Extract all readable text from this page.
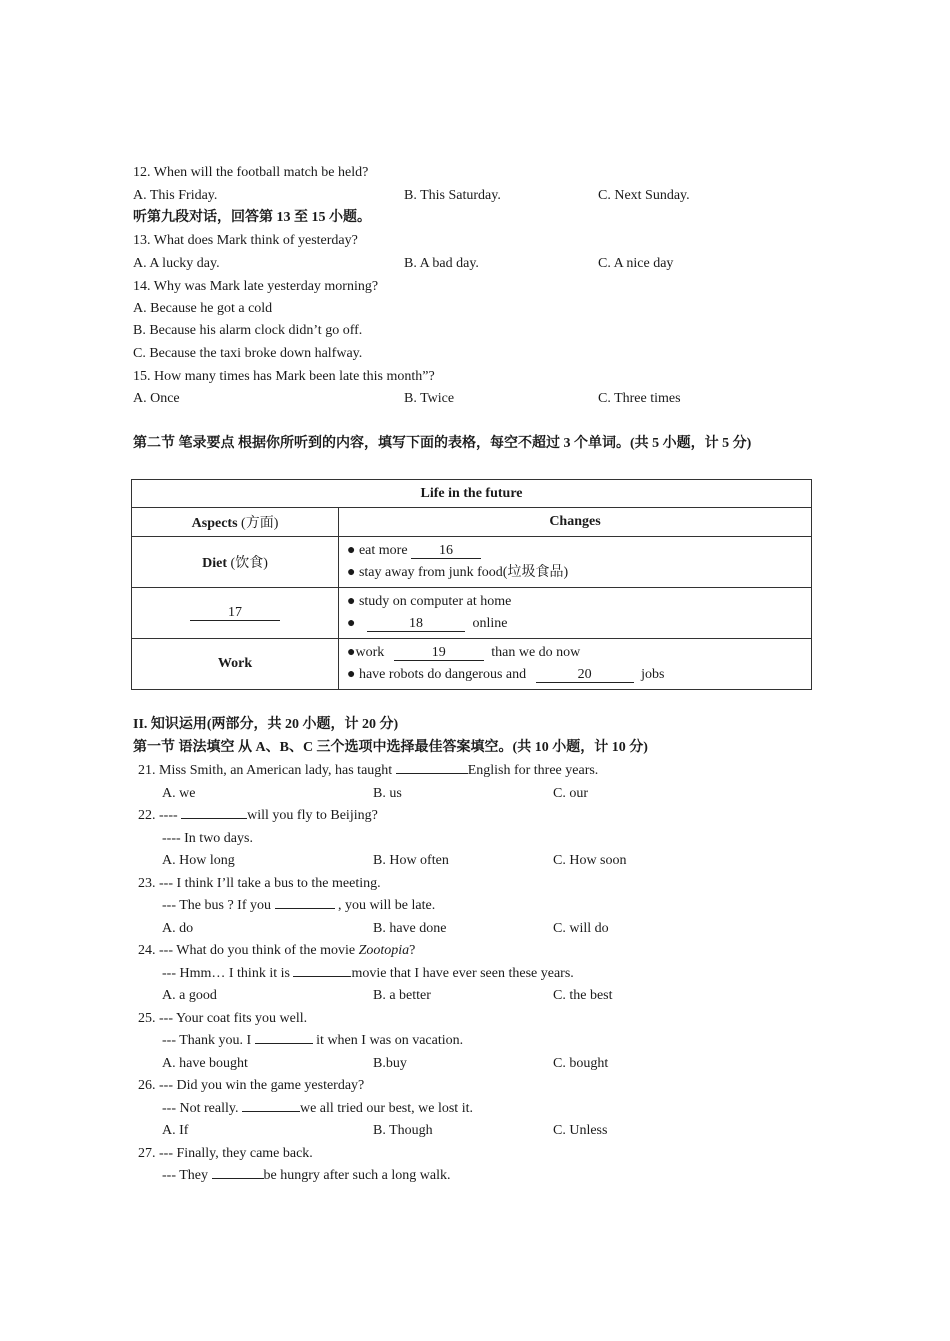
12. When will the football match be held?
A. This Friday.	B. This Saturday.	C. Next Sunday.
听第九段对话，回答第 13 至 15 小题。
13. What does Mark think of yesterday?
A. A lucky day.	B. A bad day.	C. A nice day
14. Why was Mark late yesterday morning?
A. Because he got a cold
B. Because his alarm clock didn’t go off.
C. Because the taxi broke down halfway.
15. How many times has Mark been late this month”?
A. Once	B. Twice	C. Three times
第二节 笔录要点 根据你所听到的内容，填写下面的表格，每空不超过 3 个单词。(共 5 小题，计 5 分)
Life in the future	
Aspects (方面)	Changes
Diet (饮食)	● eat more 16
● stay away from junk food(垃圾食品)

17	● study on computer at home
● 18 online

Work	●work 19 than we do now
● have robots do dangerous and 20 jobs
II. 知识运用(两部分，共 20 小题，计 20 分)
第一节 语法填空 从 A、B、C 三个选项中选择最佳答案填空。(共 10 小题，计 10 分)
21. Miss Smith, an American lady, has taught	English for three years.
A. we	B. us	C. our
22. ----	will you fly to Beijing?
---- In two days.
A. How long	B. How often	C. How soon
23. --- I think I’ll take a bus to the meeting.
--- The bus ? If you	, you will be late.
A. do	B. have done	C. will do
24. --- What do you think of the movie Zootopia?
--- Hmm… I think it is	movie that I have ever seen these years.
A. a good	B. a better	C. the best
25. --- Your coat fits you well.
--- Thank you. I	it when I was on vacation.
A. have bought	B.buy	C. bought
26. --- Did you win the game yesterday?
--- Not really.	we all tried our best, we lost it.
A. If	B. Though	C. Unless
27. --- Finally, they came back.
--- They	be hungry after such a long walk.
